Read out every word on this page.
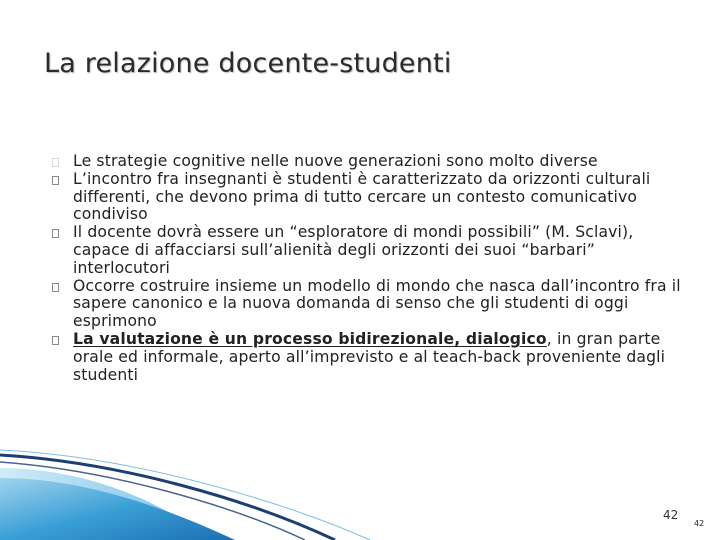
La relazione docente-studenti
Le strategie cognitive nelle nuove generazioni sono molto diverse
L’incontro fra insegnanti è studenti è caratterizzato da orizzonti culturali differenti, che devono prima di tutto cercare un contesto comunicativo condiviso
Il docente dovrà essere un “esploratore di mondi possibili” (M. Sclavi), capace di affacciarsi sull’alienità degli orizzonti dei suoi “barbari” interlocutori
Occorre costruire insieme un modello di mondo che nasca dall’incontro fra il sapere canonico e la nuova domanda di senso che gli studenti di oggi esprimono
La valutazione è un processo bidirezionale, dialogico, in gran parte orale ed informale, aperto all’imprevisto e al teach-back proveniente dagli studenti
42
42
